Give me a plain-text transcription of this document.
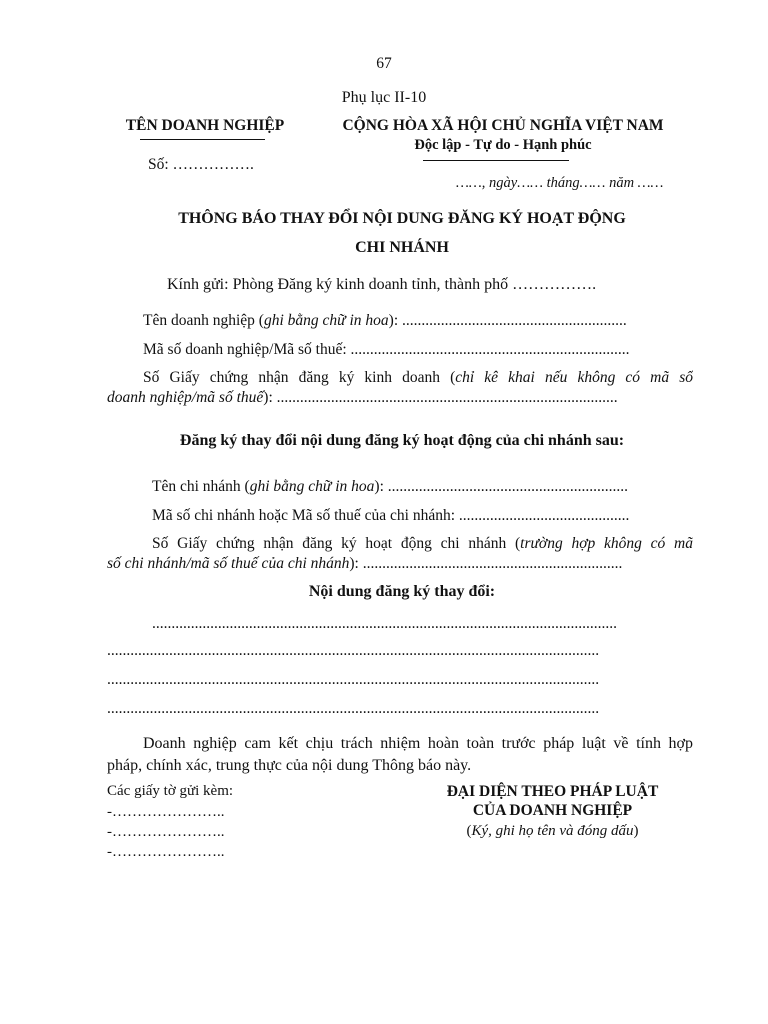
67
Phụ lục II-10
TÊN DOANH NGHIỆP
Số: …………….
CỘNG HÒA XÃ HỘI CHỦ NGHĨA VIỆT NAM
Độc lập - Tự do - Hạnh phúc
……, ngày…… tháng…… năm ……
THÔNG BÁO THAY ĐỔI NỘI DUNG ĐĂNG KÝ HOẠT ĐỘNG
CHI NHÁNH
Kính gửi: Phòng Đăng ký kinh doanh tỉnh, thành phố …………….
Tên doanh nghiệp (ghi bằng chữ in hoa): ..........................................................
Mã số doanh nghiệp/Mã số thuế: ........................................................................
Số Giấy chứng nhận đăng ký kinh doanh (chỉ kê khai nếu không có mã số
doanh nghiệp/mã số thuế): ........................................................................................
Đăng ký thay đổi nội dung đăng ký hoạt động của chi nhánh sau:
Tên chi nhánh (ghi bằng chữ in hoa): ..............................................................
Mã số chi nhánh hoặc Mã số thuế của chi nhánh: ............................................
Số Giấy chứng nhận đăng ký hoạt động chi nhánh (trường hợp không có mã
số chi nhánh/mã số thuế của chi nhánh): ...................................................................
Nội dung đăng ký thay đổi:
........................................................................................................................
...............................................................................................................................
...............................................................................................................................
...............................................................................................................................
Doanh nghiệp cam kết chịu trách nhiệm hoàn toàn trước pháp luật về tính hợp
pháp, chính xác, trung thực của nội dung Thông báo này.
Các giấy tờ gửi kèm:
-…………………..
-…………………..
-…………………..
ĐẠI DIỆN THEO PHÁP LUẬT
CỦA DOANH NGHIỆP
(Ký, ghi họ tên và đóng dấu)
